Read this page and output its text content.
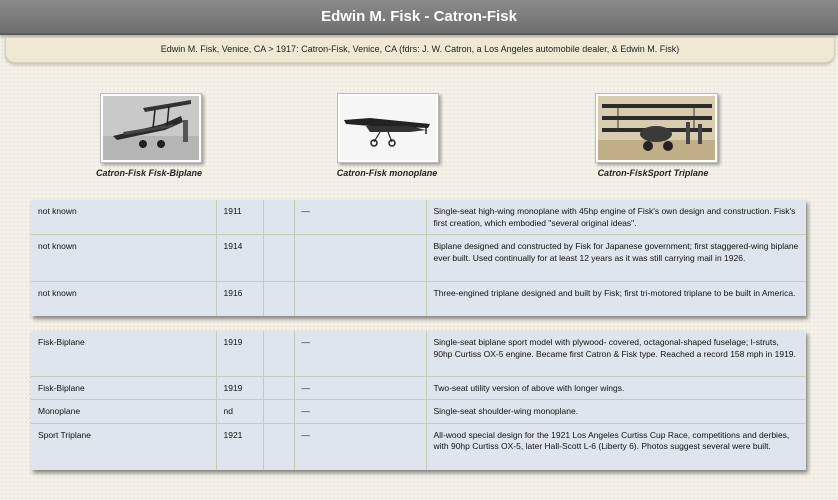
Edwin M. Fisk - Catron-Fisk
Edwin M. Fisk, Venice, CA > 1917: Catron-Fisk, Venice, CA (fdrs: J. W. Catron, a Los Angeles automobile dealer, & Edwin M. Fisk)
Catron-Fisk Fisk-Biplane	Catron-Fisk monoplane	Catron-FiskSport Triplane
not known	1911		—	Single-seat high-wing monoplane with 45hp engine of Fisk's own design and construction. Fisk's first creation, which embodied "several original ideas".
not known	1914			Biplane designed and constructed by Fisk for Japanese government; first staggered-wing biplane ever built. Used continually for at least 12 years as it was still carrying mail in 1926.
not known	1916			Three-engined triplane designed and built by Fisk; first tri-motored triplane to be built in America.
Fisk-Biplane	1919		—	Single-seat biplane sport model with plywood- covered, octagonal-shaped fuselage; I-struts, 90hp Curtiss OX-5 engine. Became first Catron & Fisk type. Reached a record 158 mph in 1919.
Fisk-Biplane	1919		—	Two-seat utility version of above with longer wings.
Monoplane	nd		—	Single-seat shoulder-wing monoplane.
Sport Triplane	1921		—	All-wood special design for the 1921 Los Angeles Curtiss Cup Race, competitions and derbies, with 90hp Curtiss OX-5, later Hall-Scott L-6 (Liberty 6). Photos suggest several were built.
